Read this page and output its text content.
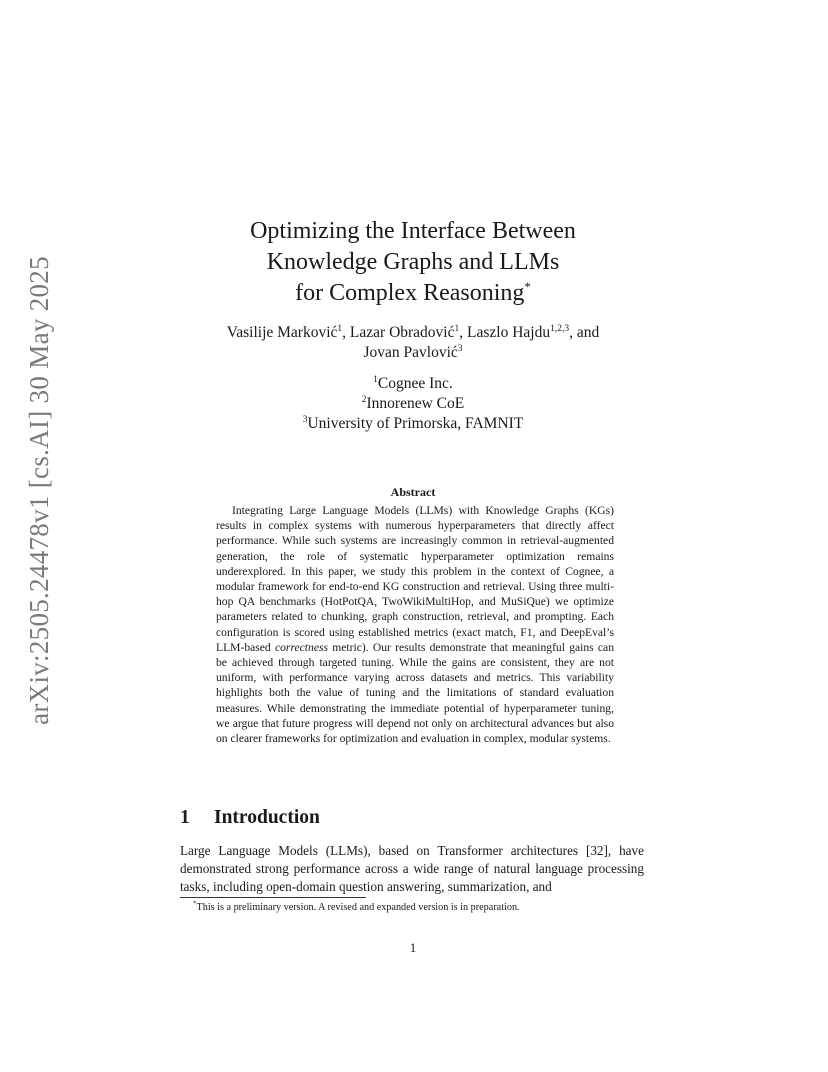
arXiv:2505.24478v1 [cs.AI] 30 May 2025
Optimizing the Interface Between
Knowledge Graphs and LLMs
for Complex Reasoning*
Vasilije Marković$^1$, Lazar Obradović$^1$, Laszlo Hajdu$^{1,2,3}$, and
Jovan Pavlović$^3$
$^1$Cognee Inc.
$^2$Innorenew CoE
$^3$University of Primorska, FAMNIT
Abstract
Integrating Large Language Models (LLMs) with Knowledge Graphs (KGs) results in complex systems with numerous hyperparameters that directly affect performance. While such systems are increasingly common in retrieval-augmented generation, the role of systematic hyperparameter optimization remains underexplored. In this paper, we study this problem in the context of Cognee, a modular framework for end-to-end KG construction and retrieval. Using three multi-hop QA benchmarks (HotPotQA, TwoWikiMultiHop, and MuSiQue) we optimize parameters related to chunking, graph construction, retrieval, and prompting. Each configuration is scored using established metrics (exact match, F1, and DeepEval’s LLM-based correctness metric). Our results demonstrate that meaningful gains can be achieved through targeted tuning. While the gains are consistent, they are not uniform, with performance varying across datasets and metrics. This variability highlights both the value of tuning and the limitations of standard evaluation measures. While demonstrating the immediate potential of hyperparameter tuning, we argue that future progress will depend not only on architectural advances but also on clearer frameworks for optimization and evaluation in complex, modular systems.
1 Introduction
Large Language Models (LLMs), based on Transformer architectures [32], have demonstrated strong performance across a wide range of natural language processing tasks, including open-domain question answering, summarization, and
*This is a preliminary version. A revised and expanded version is in preparation.
1
